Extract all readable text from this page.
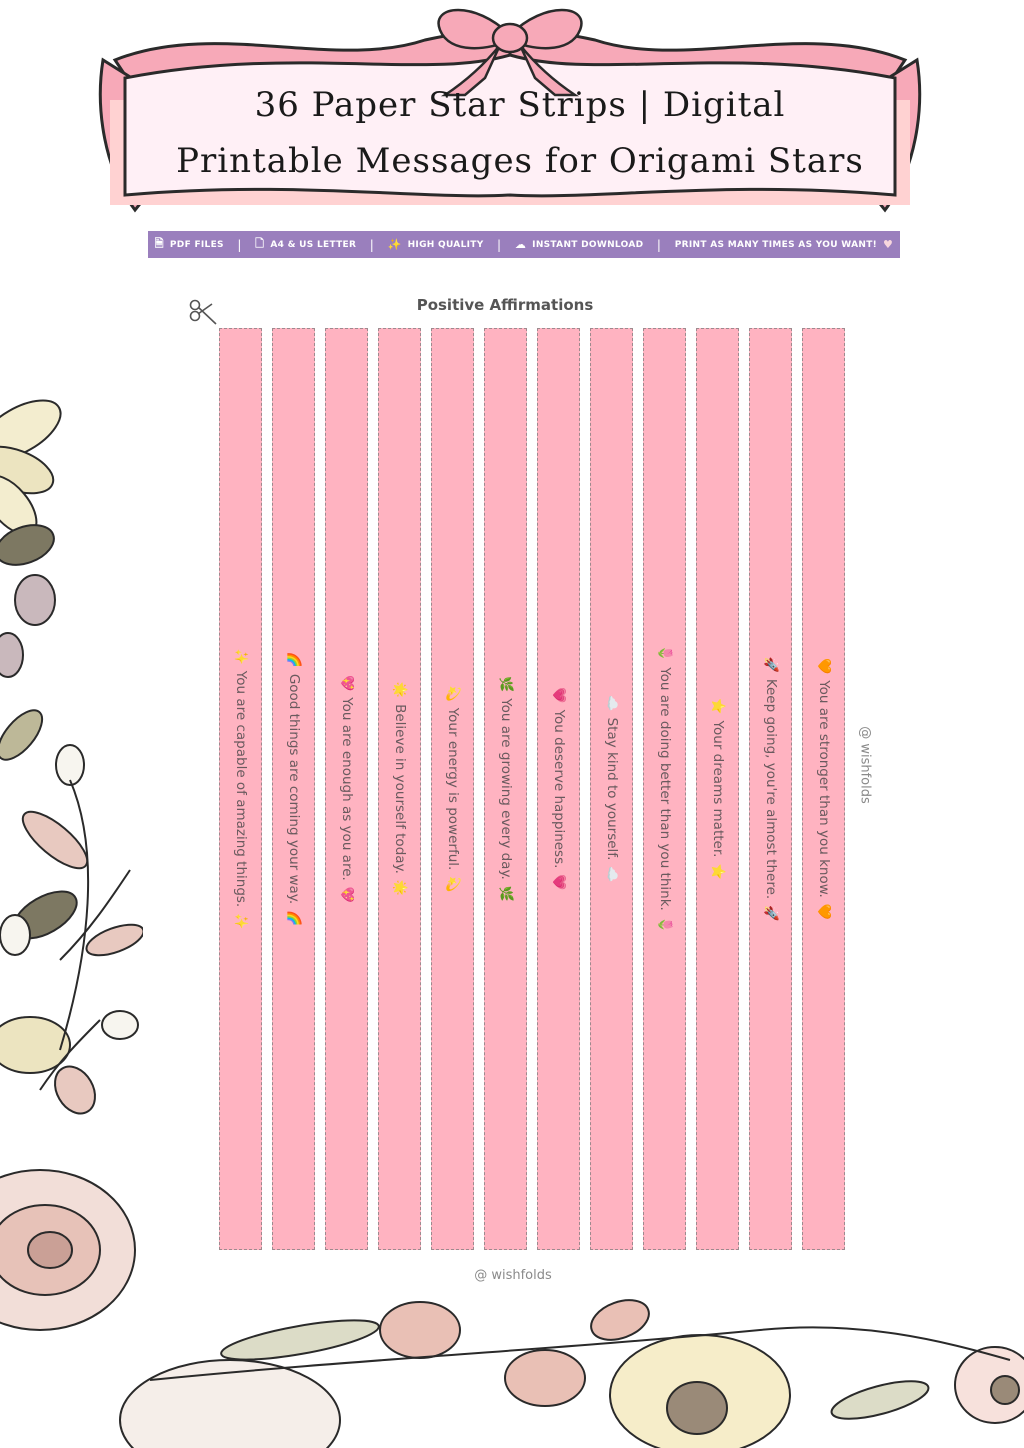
36 Paper Star Strips | Digital
Printable Messages for Origami Stars
🗎 PDF FILES | 🗋 A4 & US LETTER | ✨ HIGH QUALITY | ☁ INSTANT DOWNLOAD | PRINT AS MANY TIMES AS YOU WANT! ♥
Positive Affirmations
✨
You are capable of amazing things.
✨
🌈
Good things are coming your way.
🌈
💖
You are enough as you are.
💖
🌟
Believe in yourself today.
🌟
💫
Your energy is powerful.
💫
🌿
You are growing every day.
🌿
💗
You deserve happiness.
💗
☁️
Stay kind to yourself.
☁️
🌷
You are doing better than you think.
🌷
⭐
Your dreams matter.
⭐
🚀
Keep going, you're almost there.
🚀
🧡
You are stronger than you know.
🧡
@ wishfolds
@ wishfolds
